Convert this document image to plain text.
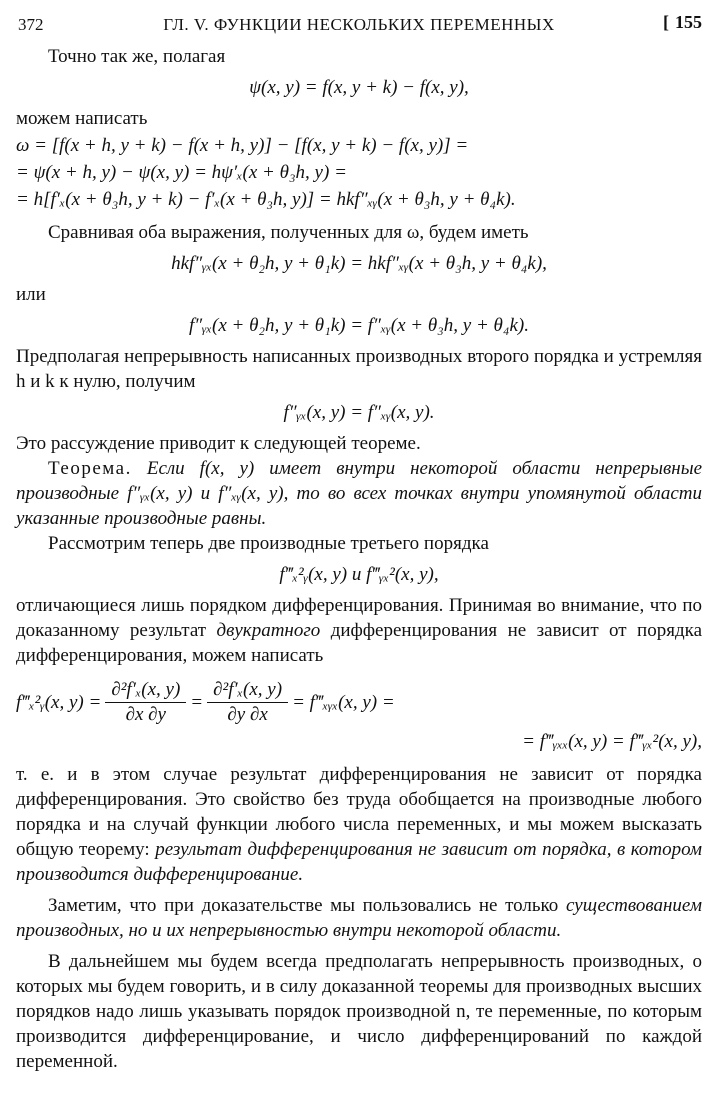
372	ГЛ. V. ФУНКЦИИ НЕСКОЛЬКИХ ПЕРЕМЕННЫХ	[ 155

Точно так же, полагая

ψ(x, y) = f(x, y + k) − f(x, y),

можем написать

ω = [f(x + h, y + k) − f(x + h, y)] − [f(x, y + k) − f(x, y)] =
= ψ(x + h, y) − ψ(x, y) = hψ′ₓ(x + θ₃h, y) =
= h[f′ₓ(x + θ₃h, y + k) − f′ₓ(x + θ₃h, y)] = hkf″ₓᵧ(x + θ₃h, y + θ₄k).

Сравнивая оба выражения, полученных для ω, будем иметь

hkf″ᵧₓ(x + θ₂h, y + θ₁k) = hkf″ₓᵧ(x + θ₃h, y + θ₄k),

или

f″ᵧₓ(x + θ₂h, y + θ₁k) = f″ₓᵧ(x + θ₃h, y + θ₄k).

Предполагая непрерывность написанных производных второго порядка и устремляя h и k к нулю, получим

f″ᵧₓ(x, y) = f″ₓᵧ(x, y).

Это рассуждение приводит к следующей теореме.

Теорема. Если f(x, y) имеет внутри некоторой области непрерывные производные f″ᵧₓ(x, y) и f″ₓᵧ(x, y), то во всех точках внутри упомянутой области указанные производные равны.

Рассмотрим теперь две производные третьего порядка

f‴ₓ²ᵧ(x, y) и f‴ᵧₓ²(x, y),

отличающиеся лишь порядком дифференцирования. Принимая во внимание, что по доказанному результат двукратного дифференцирования не зависит от порядка дифференцирования, можем написать

f‴ₓ²ᵧ(x, $y) = \frac{\text{∂²f′ₓ(x, y)}}{\partial x \partial y} = \frac{\text{∂²f′ₓ(x, y)}}{\partial y \partial x}$ = f‴ₓᵧₓ(x, y) =
= f‴ᵧₓₓ(x, y) = f‴ᵧₓ²(x, y),

т. е. и в этом случае результат дифференцирования не зависит от порядка дифференцирования. Это свойство без труда обобщается на производные любого порядка и на случай функции любого числа переменных, и мы можем высказать общую теорему: результат дифференцирования не зависит от порядка, в котором производится дифференцирование.

Заметим, что при доказательстве мы пользовались не только существованием производных, но и их непрерывностью внутри некоторой области.

В дальнейшем мы будем всегда предполагать непрерывность производных, о которых мы будем говорить, и в силу доказанной теоремы для производных высших порядков надо лишь указывать порядок производной n, те переменные, по которым производится дифференцирование, и число дифференцирований по каждой переменной.
